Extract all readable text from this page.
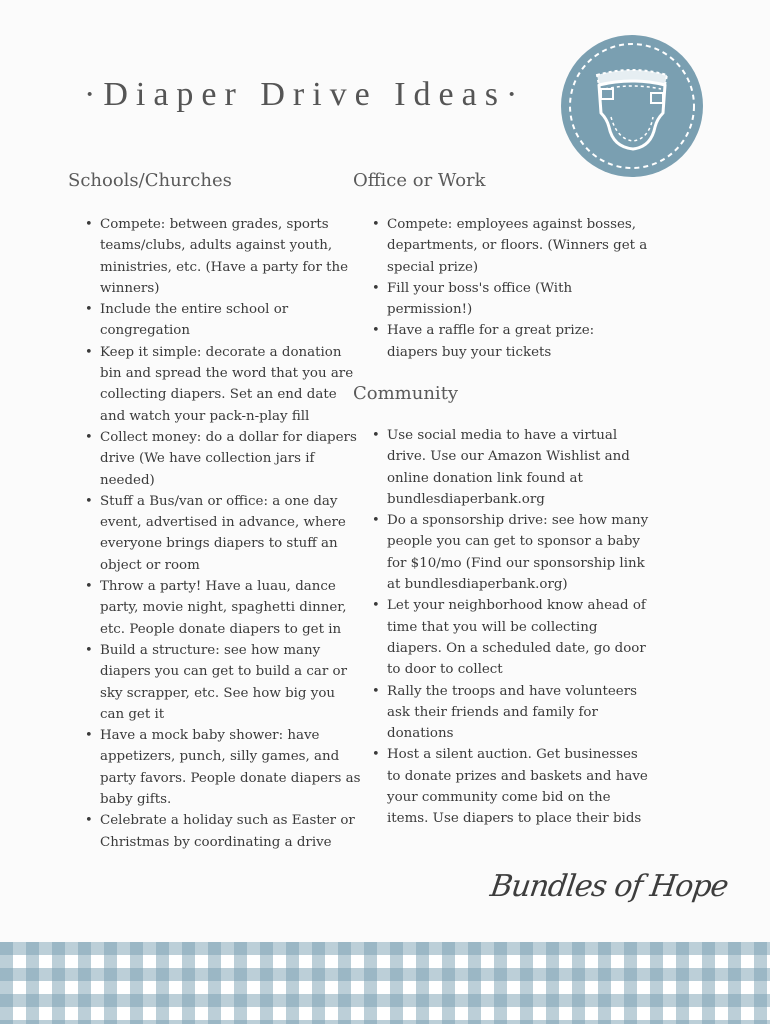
·Diaper Drive Ideas·
Schools/Churches
• Compete: between grades, sports teams/clubs, adults against youth, ministries, etc. (Have a party for the winners)
• Include the entire school or congregation
• Keep it simple: decorate a donation bin and spread the word that you are collecting diapers. Set an end date and watch your pack-n-play fill
• Collect money: do a dollar for diapers drive (We have collection jars if needed)
• Stuff a Bus/van or office: a one day event, advertised in advance, where everyone brings diapers to stuff an object or room
• Throw a party! Have a luau, dance party, movie night, spaghetti dinner, etc. People donate diapers to get in
• Build a structure: see how many diapers you can get to build a car or sky scrapper, etc. See how big you can get it
• Have a mock baby shower: have appetizers, punch, silly games, and party favors. People donate diapers as baby gifts.
• Celebrate a holiday such as Easter or Christmas by coordinating a drive
Office or Work
• Compete: employees against bosses, departments, or floors. (Winners get a special prize)
• Fill your boss's office (With permission!)
• Have a raffle for a great prize: diapers buy your tickets
Community
• Use social media to have a virtual drive. Use our Amazon Wishlist and online donation link found at bundlesdiaperbank.org
• Do a sponsorship drive: see how many people you can get to sponsor a baby for $10/mo (Find our sponsorship link at bundlesdiaperbank.org)
• Let your neighborhood know ahead of time that you will be collecting diapers. On a scheduled date, go door to door to collect
• Rally the troops and have volunteers ask their friends and family for donations
• Host a silent auction. Get businesses to donate prizes and baskets and have your community come bid on the items. Use diapers to place their bids
Bundles of Hope
